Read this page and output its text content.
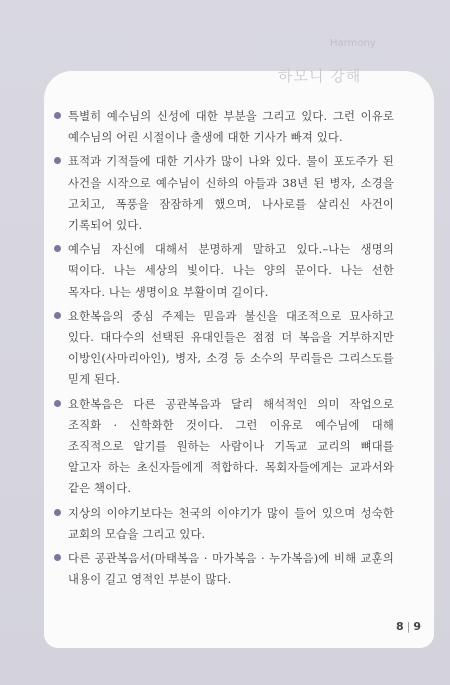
Harmony
하모니 강해
특별히 예수님의 신성에 대한 부분을 그리고 있다. 그런 이유로 예수님의 어린 시절이나 출생에 대한 기사가 빠져 있다.
표적과 기적들에 대한 기사가 많이 나와 있다. 물이 포도주가 된 사건을 시작으로 예수님이 신하의 아들과 38년 된 병자, 소경을 고치고, 폭풍을 잠잠하게 했으며, 나사로를 살리신 사건이 기록되어 있다.
예수님 자신에 대해서 분명하게 말하고 있다.–나는 생명의 떡이다. 나는 세상의 빛이다. 나는 양의 문이다. 나는 선한 목자다. 나는 생명이요 부활이며 길이다.
요한복음의 중심 주제는 믿음과 불신을 대조적으로 묘사하고 있다. 대다수의 선택된 유대인들은 점점 더 복음을 거부하지만 이방인(사마리아인), 병자, 소경 등 소수의 무리들은 그리스도를 믿게 된다.
요한복음은 다른 공관복음과 달리 해석적인 의미 작업으로 조직화 · 신학화한 것이다. 그런 이유로 예수님에 대해 조직적으로 알기를 원하는 사람이나 기독교 교리의 뼈대를 알고자 하는 초신자들에게 적합하다. 목회자들에게는 교과서와 같은 책이다.
지상의 이야기보다는 천국의 이야기가 많이 들어 있으며 성숙한 교회의 모습을 그리고 있다.
다른 공관복음서(마태복음 · 마가복음 · 누가복음)에 비해 교훈의 내용이 길고 영적인 부분이 많다.
8 | 9
